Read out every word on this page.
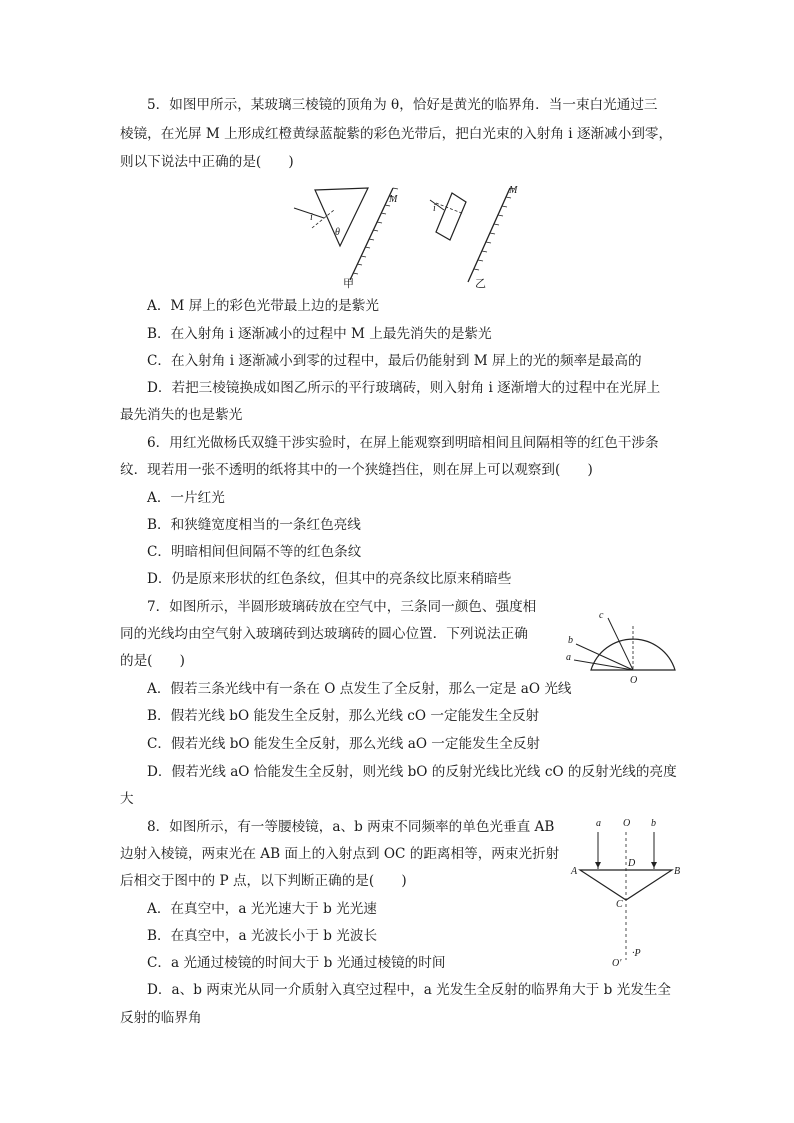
5．如图甲所示，某玻璃三棱镜的顶角为 θ，恰好是黄光的临界角．当一束白光通过三
棱镜，在光屏 M 上形成红橙黄绿蓝靛紫的彩色光带后，把白光束的入射角 i 逐渐减小到零，
则以下说法中正确的是(　　)
i
θ
M
甲
i
M
乙
A．M 屏上的彩色光带最上边的是紫光
B．在入射角 i 逐渐减小的过程中 M 上最先消失的是紫光
C．在入射角 i 逐渐减小到零的过程中，最后仍能射到 M 屏上的光的频率是最高的
D．若把三棱镜换成如图乙所示的平行玻璃砖，则入射角 i 逐渐增大的过程中在光屏上
最先消失的也是紫光
6．用红光做杨氏双缝干涉实验时，在屏上能观察到明暗相间且间隔相等的红色干涉条
纹．现若用一张不透明的纸将其中的一个狭缝挡住，则在屏上可以观察到(　　)
A．一片红光
B．和狭缝宽度相当的一条红色亮线
C．明暗相间但间隔不等的红色条纹
D．仍是原来形状的红色条纹，但其中的亮条纹比原来稍暗些
7．如图所示，半圆形玻璃砖放在空气中，三条同一颜色、强度相
同的光线均由空气射入玻璃砖到达玻璃砖的圆心位置．下列说法正确
的是(　　)
c
b
a
O
A．假若三条光线中有一条在 O 点发生了全反射，那么一定是 aO 光线
B．假若光线 bO 能发生全反射，那么光线 cO 一定能发生全反射
C．假若光线 bO 能发生全反射，那么光线 aO 一定能发生全反射
D．假若光线 aO 恰能发生全反射，则光线 bO 的反射光线比光线 cO 的反射光线的亮度
大
8．如图所示，有一等腰棱镜，a、b 两束不同频率的单色光垂直 AB
边射入棱镜，两束光在 AB 面上的入射点到 OC 的距离相等，两束光折射
后相交于图中的 P 点，以下判断正确的是(　　)
a O b
A
D
B
C
·P
O′
A．在真空中，a 光光速大于 b 光光速
B．在真空中，a 光波长小于 b 光波长
C．a 光通过棱镜的时间大于 b 光通过棱镜的时间
D．a、b 两束光从同一介质射入真空过程中，a 光发生全反射的临界角大于 b 光发生全
反射的临界角
